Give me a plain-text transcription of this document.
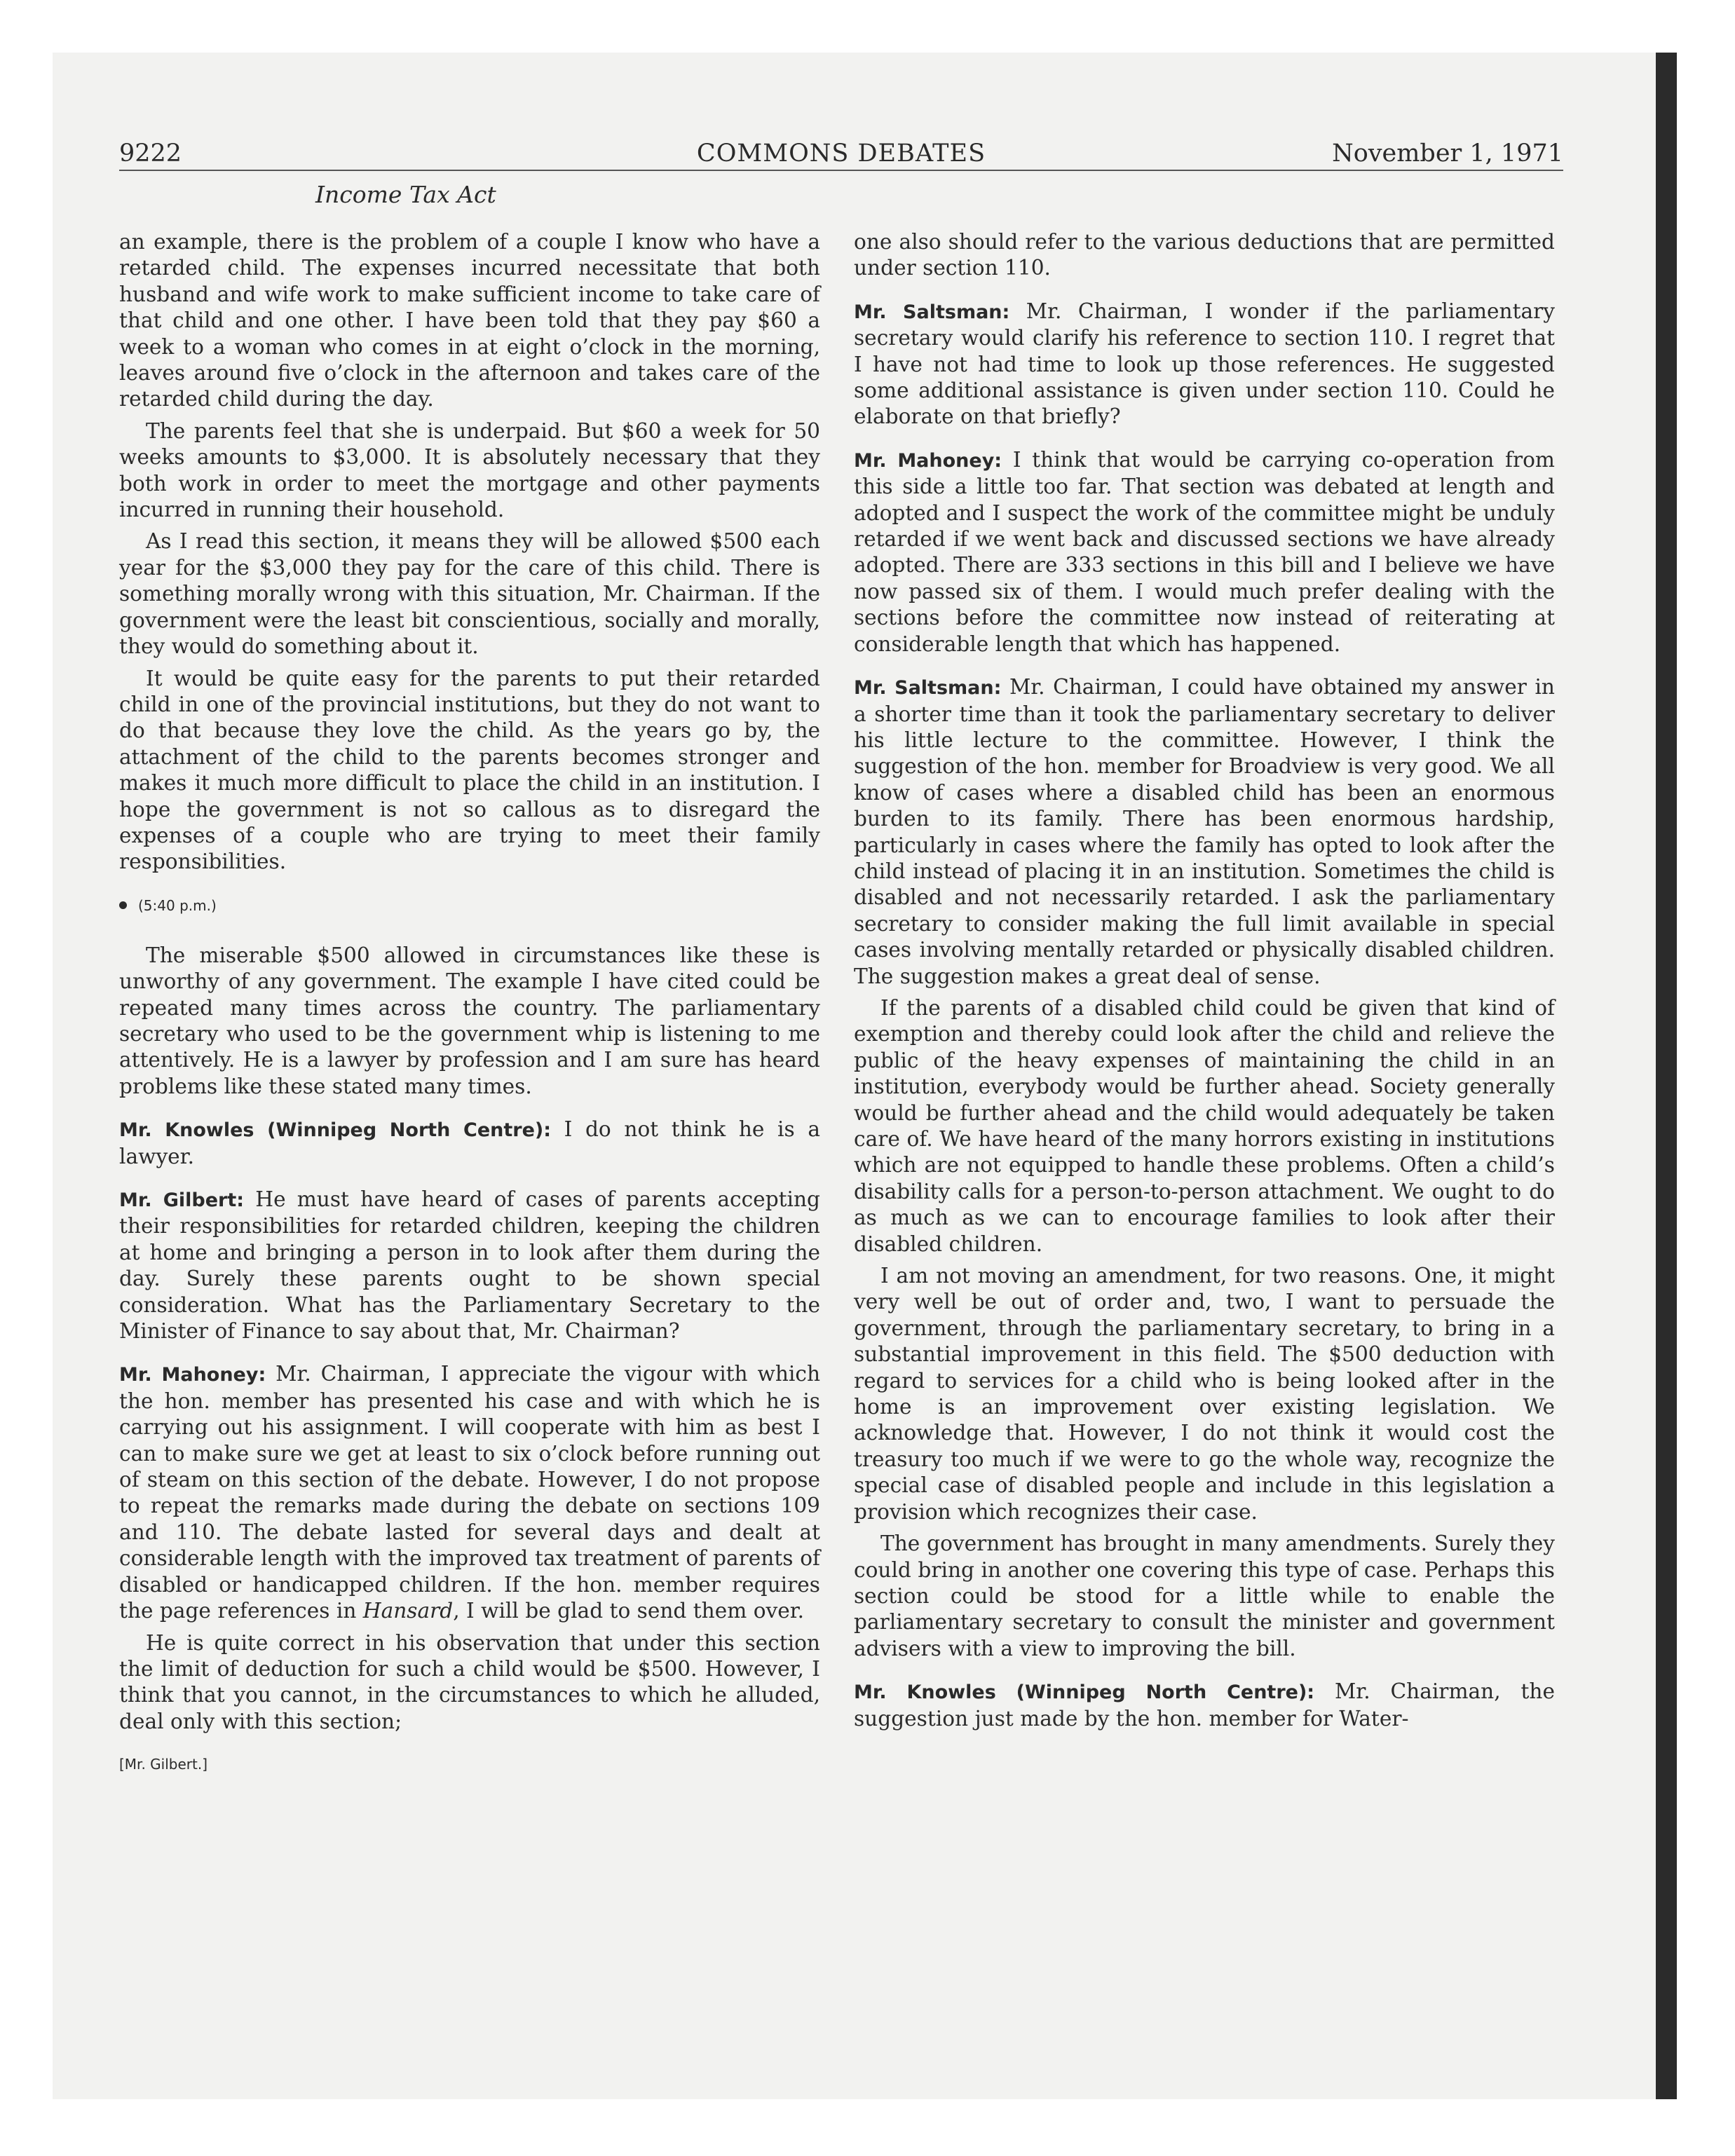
9222	COMMONS DEBATES	November 1, 1971
Income Tax Act

an example, there is the problem of a couple I know who have a retarded child. The expenses incurred necessitate that both husband and wife work to make sufficient income to take care of that child and one other. I have been told that they pay $60 a week to a woman who comes in at eight o’clock in the morning, leaves around five o’clock in the afternoon and takes care of the retarded child during the day.

The parents feel that she is underpaid. But $60 a week for 50 weeks amounts to $3,000. It is absolutely necessary that they both work in order to meet the mortgage and other payments incurred in running their household.

As I read this section, it means they will be allowed $500 each year for the $3,000 they pay for the care of this child. There is something morally wrong with this situation, Mr. Chairman. If the government were the least bit conscientious, socially and morally, they would do something about it.

It would be quite easy for the parents to put their retarded child in one of the provincial institutions, but they do not want to do that because they love the child. As the years go by, the attachment of the child to the parents becomes stronger and makes it much more difficult to place the child in an institution. I hope the government is not so callous as to disregard the expenses of a couple who are trying to meet their family responsibilities.

(5:40 p.m.)

The miserable $500 allowed in circumstances like these is unworthy of any government. The example I have cited could be repeated many times across the country. The parliamentary secretary who used to be the government whip is listening to me attentively. He is a lawyer by profession and I am sure has heard problems like these stated many times.

Mr. Knowles (Winnipeg North Centre): I do not think he is a lawyer.

Mr. Gilbert: He must have heard of cases of parents accepting their responsibilities for retarded children, keeping the children at home and bringing a person in to look after them during the day. Surely these parents ought to be shown special consideration. What has the Parliamentary Secretary to the Minister of Finance to say about that, Mr. Chairman?

Mr. Mahoney: Mr. Chairman, I appreciate the vigour with which the hon. member has presented his case and with which he is carrying out his assignment. I will cooperate with him as best I can to make sure we get at least to six o’clock before running out of steam on this section of the debate. However, I do not propose to repeat the remarks made during the debate on sections 109 and 110. The debate lasted for several days and dealt at considerable length with the improved tax treatment of parents of disabled or handicapped children. If the hon. member requires the page references in Hansard, I will be glad to send them over.

He is quite correct in his observation that under this section the limit of deduction for such a child would be $500. However, I think that you cannot, in the circumstances to which he alluded, deal only with this section;

[Mr. Gilbert.]

one also should refer to the various deductions that are permitted under section 110.

Mr. Saltsman: Mr. Chairman, I wonder if the parliamentary secretary would clarify his reference to section 110. I regret that I have not had time to look up those references. He suggested some additional assistance is given under section 110. Could he elaborate on that briefly?

Mr. Mahoney: I think that would be carrying co-operation from this side a little too far. That section was debated at length and adopted and I suspect the work of the committee might be unduly retarded if we went back and discussed sections we have already adopted. There are 333 sections in this bill and I believe we have now passed six of them. I would much prefer dealing with the sections before the committee now instead of reiterating at considerable length that which has happened.

Mr. Saltsman: Mr. Chairman, I could have obtained my answer in a shorter time than it took the parliamentary secretary to deliver his little lecture to the committee. However, I think the suggestion of the hon. member for Broadview is very good. We all know of cases where a disabled child has been an enormous burden to its family. There has been enormous hardship, particularly in cases where the family has opted to look after the child instead of placing it in an institution. Sometimes the child is disabled and not necessarily retarded. I ask the parliamentary secretary to consider making the full limit available in special cases involving mentally retarded or physically disabled children. The suggestion makes a great deal of sense.

If the parents of a disabled child could be given that kind of exemption and thereby could look after the child and relieve the public of the heavy expenses of maintaining the child in an institution, everybody would be further ahead. Society generally would be further ahead and the child would adequately be taken care of. We have heard of the many horrors existing in institutions which are not equipped to handle these problems. Often a child’s disability calls for a person-to-person attachment. We ought to do as much as we can to encourage families to look after their disabled children.

I am not moving an amendment, for two reasons. One, it might very well be out of order and, two, I want to persuade the government, through the parliamentary secretary, to bring in a substantial improvement in this field. The $500 deduction with regard to services for a child who is being looked after in the home is an improvement over existing legislation. We acknowledge that. However, I do not think it would cost the treasury too much if we were to go the whole way, recognize the special case of disabled people and include in this legislation a provision which recognizes their case.

The government has brought in many amendments. Surely they could bring in another one covering this type of case. Perhaps this section could be stood for a little while to enable the parliamentary secretary to consult the minister and government advisers with a view to improving the bill.

Mr. Knowles (Winnipeg North Centre): Mr. Chairman, the suggestion just made by the hon. member for Water-
